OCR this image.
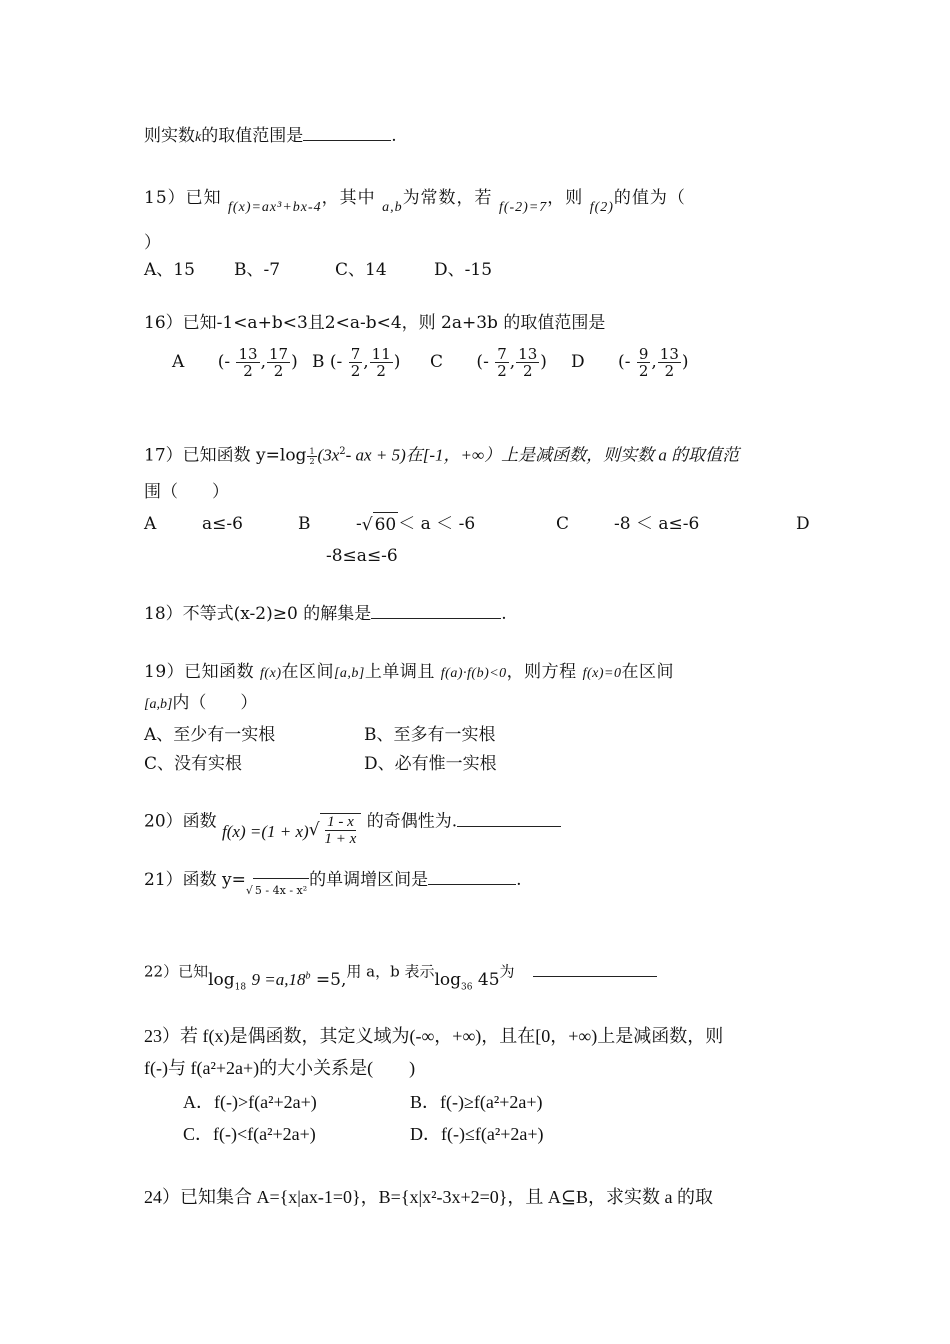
则实数k的取值范围是	.
15）已知 $_{f(x)=ax^3+bx-4}$，其中 $_{a,b}$为常数，若 $_{f(-2)=7}$，则 $_{f(2)}$的值为（
）
A、15 B、-7	C、14	D、-15
16）已知-1<a+b<3且2<a-b<4，则 2a+3b 的取值范围是
A (- $\frac{13}{2}$ , $\frac{17}{2}$ ) B (- $\frac{7}{2}$ , $\frac{11}{2}$ ) C (- $\frac{7}{2}$ , $\frac{13}{2}$ ) D (- $\frac{9}{2}$ , $\frac{13}{2}$ )
17）已知函数 $y=\log \frac{1}{2} (3x^2-$ ax + 5)在[-1，+∞）上是减函数，则实数 a 的取值范
围（　　）
A	a≤-6	B	-√ 60 ＜ a ＜ -6	C	-8 ＜ a≤-6	D
-8≤a≤-6
18）不等式(x-2)≥0 的解集是	.
19）已知函数 f(x)在区间[a,b]上单调且 f(a)·f(b)<0，则方程 f(x)=0在区间
[a,b]内（　　）
A、至少有一实根	B、至多有一实根
C、没有实根	D、必有惟一实根
20）函数 $f(x) =(1 + x)√ \frac{1 - x}{1 + x}$ 的奇偶性为.
21）函数 y=√ 5 - 4x - x²
的单调增区间是	.
22）已知$\log_{18} 9 =a,18^b =5$,用 a，b 表示$\log_{36} 45$为
23）若 f(x)是偶函数，其定义域为(-∞，+∞)，且在[0，+∞)上是减函数，则
f(-)与 f(a²+2a+)的大小关系是(　　)
A．f(-)>f(a²+2a+)	B．f(-)≥f(a²+2a+)
C．f(-)<f(a²+2a+)	D．f(-)≤f(a²+2a+)
24）已知集合 A={x|ax-1=0}，B={x|x²-3x+2=0}，且 A⊆B，求实数 a 的取
